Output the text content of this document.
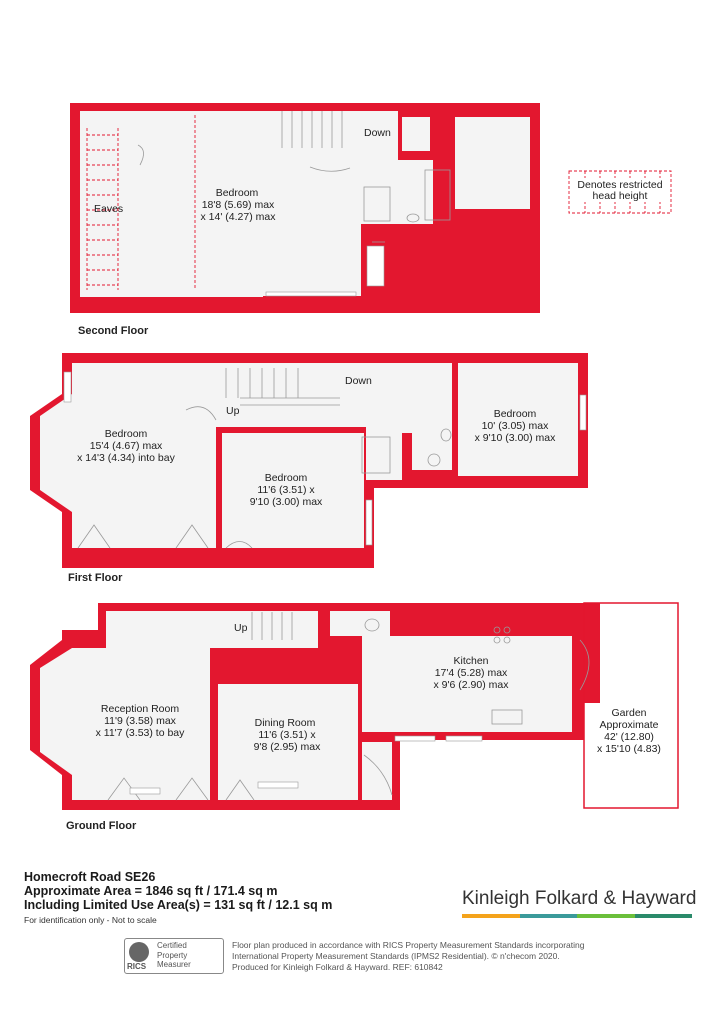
Down
Eaves
Bedroom
18'8 (5.69) max
x 14' (4.27) max
Second Floor
Denotes restricted
head height
Down
Up
Bedroom
15'4 (4.67) max
x 14'3 (4.34) into bay
Bedroom
11'6 (3.51) x
9'10 (3.00) max
Bedroom
10' (3.05) max
x 9'10 (3.00) max
First Floor
Up
Reception Room
11'9 (3.58) max
x 11'7 (3.53) to bay
Dining Room
11'6 (3.51) x
9'8 (2.95) max
Kitchen
17'4 (5.28) max
x 9'6 (2.90) max
Garden
Approximate
42' (12.80)
x 15'10 (4.83)
Ground Floor
Homecroft Road SE26
Approximate Area = 1846 sq ft / 171.4 sq m
Including Limited Use Area(s) = 131 sq ft / 12.1 sq m
For identification only - Not to scale
Kinleigh Folkard & Hayward
RICS
Certified
Property
Measurer
Floor plan produced in accordance with RICS Property Measurement Standards incorporating
International Property Measurement Standards (IPMS2 Residential). © n'checom 2020.
Produced for Kinleigh Folkard & Hayward. REF: 610842
